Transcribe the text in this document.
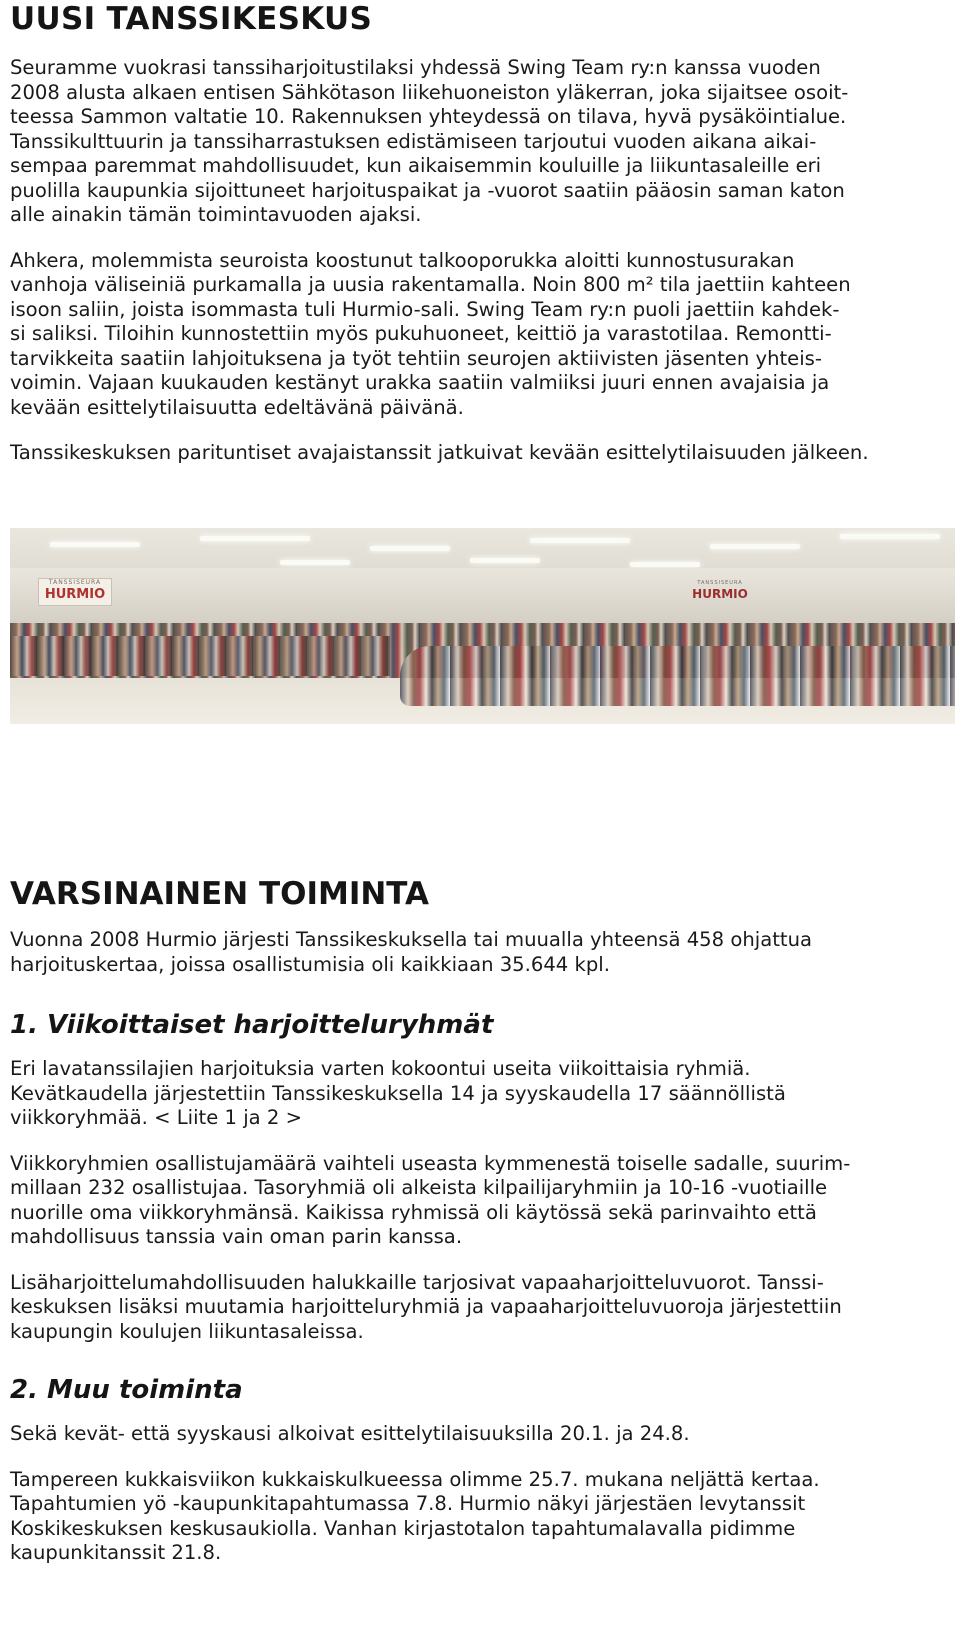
UUSI TANSSIKESKUS

Seuramme vuokrasi tanssiharjoitustilaksi yhdessä Swing Team ry:n kanssa vuoden
2008 alusta alkaen entisen Sähkötason liikehuoneiston yläkerran, joka sijaitsee osoit-
teessa Sammon valtatie 10. Rakennuksen yhteydessä on tilava, hyvä pysäköintialue.
Tanssikulttuurin ja tanssiharrastuksen edistämiseen tarjoutui vuoden aikana aikai-
sempaa paremmat mahdollisuudet, kun aikaisemmin kouluille ja liikuntasaleille eri
puolilla kaupunkia sijoittuneet harjoituspaikat ja -vuorot saatiin pääosin saman katon
alle ainakin tämän toimintavuoden ajaksi.

Ahkera, molemmista seuroista koostunut talkooporukka aloitti kunnostusurakan
vanhoja väliseiniä purkamalla ja uusia rakentamalla. Noin 800 m² tila jaettiin kahteen
isoon saliin, joista isommasta tuli Hurmio-sali. Swing Team ry:n puoli jaettiin kahdek-
si saliksi. Tiloihin kunnostettiin myös pukuhuoneet, keittiö ja varastotilaa. Remontti-
tarvikkeita saatiin lahjoituksena ja työt tehtiin seurojen aktiivisten jäsenten yhteis-
voimin. Vajaan kuukauden kestänyt urakka saatiin valmiiksi juuri ennen avajaisia ja
kevään esittelytilaisuutta edeltävänä päivänä.

Tanssikeskuksen parituntiset avajaistanssit jatkuivat kevään esittelytilaisuuden jälkeen.

TANSSISEURA
HURMIO
TANSSISEURA
HURMIO
VARSINAINEN TOIMINTA

Vuonna 2008 Hurmio järjesti Tanssikeskuksella tai muualla yhteensä 458 ohjattua
harjoituskertaa, joissa osallistumisia oli kaikkiaan 35.644 kpl.

1. Viikoittaiset harjoitteluryhmät

Eri lavatanssilajien harjoituksia varten kokoontui useita viikoittaisia ryhmiä.
Kevätkaudella järjestettiin Tanssikeskuksella 14 ja syyskaudella 17 säännöllistä
viikkoryhmää. < Liite 1 ja 2 >

Viikkoryhmien osallistujamäärä vaihteli useasta kymmenestä toiselle sadalle, suurim-
millaan 232 osallistujaa. Tasoryhmiä oli alkeista kilpailijaryhmiin ja 10-16 -vuotiaille
nuorille oma viikkoryhmänsä. Kaikissa ryhmissä oli käytössä sekä parinvaihto että
mahdollisuus tanssia vain oman parin kanssa.

Lisäharjoittelumahdollisuuden halukkaille tarjosivat vapaaharjoitteluvuorot. Tanssi-
keskuksen lisäksi muutamia harjoitteluryhmiä ja vapaaharjoitteluvuoroja järjestettiin
kaupungin koulujen liikuntasaleissa.

2. Muu toiminta

Sekä kevät- että syyskausi alkoivat esittelytilaisuuksilla 20.1. ja 24.8.

Tampereen kukkaisviikon kukkaiskulkueessa olimme 25.7. mukana neljättä kertaa.
Tapahtumien yö -kaupunkitapahtumassa 7.8. Hurmio näkyi järjestäen levytanssit
Koskikeskuksen keskusaukiolla. Vanhan kirjastotalon tapahtumalavalla pidimme
kaupunkitanssit 21.8.
